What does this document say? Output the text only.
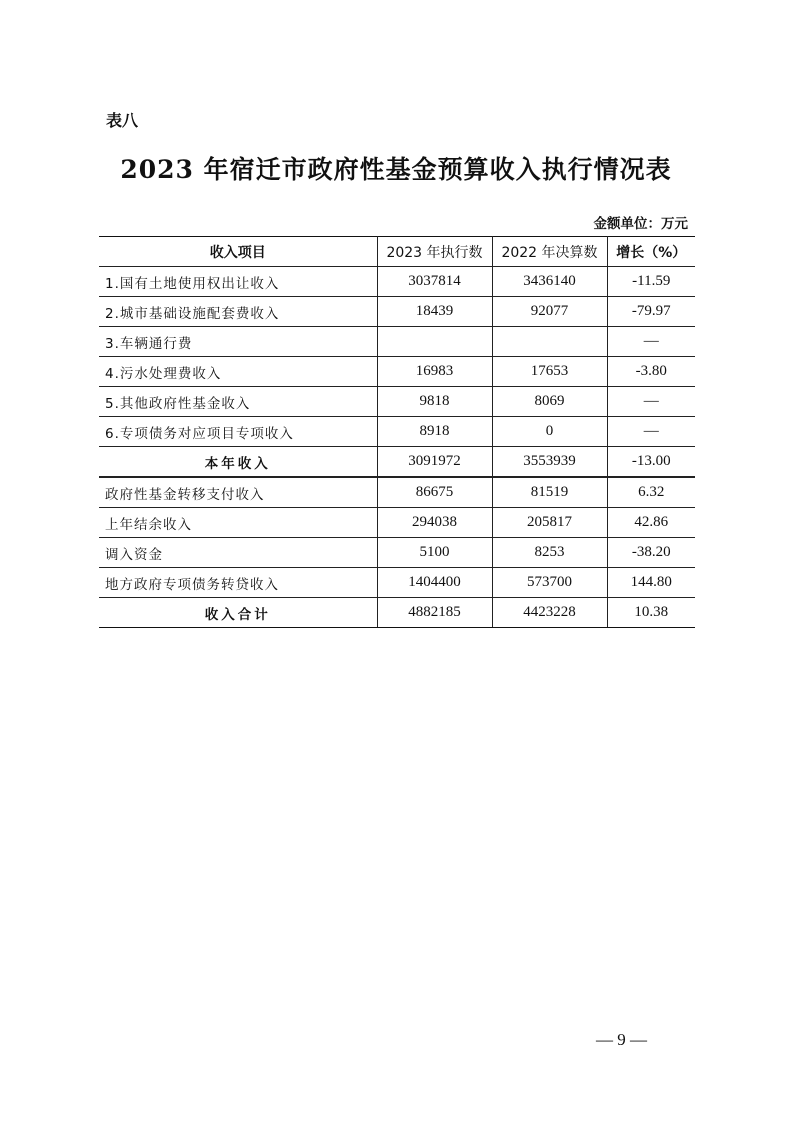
表八
2023 年宿迁市政府性基金预算收入执行情况表
金额单位：万元
收入项目	2023 年执行数	2022 年决算数	增长（%）
1.国有土地使用权出让收入	3037814	3436140	-11.59
2.城市基础设施配套费收入	18439	92077	-79.97
3.车辆通行费			—
4.污水处理费收入	16983	17653	-3.80
5.其他政府性基金收入	9818	8069	—
6.专项债务对应项目专项收入	8918	0	—
本年收入	3091972	3553939	-13.00
政府性基金转移支付收入	86675	81519	6.32
上年结余收入	294038	205817	42.86
调入资金	5100	8253	-38.20
地方政府专项债务转贷收入	1404400	573700	144.80
收入合计	4882185	4423228	10.38
— 9 —
